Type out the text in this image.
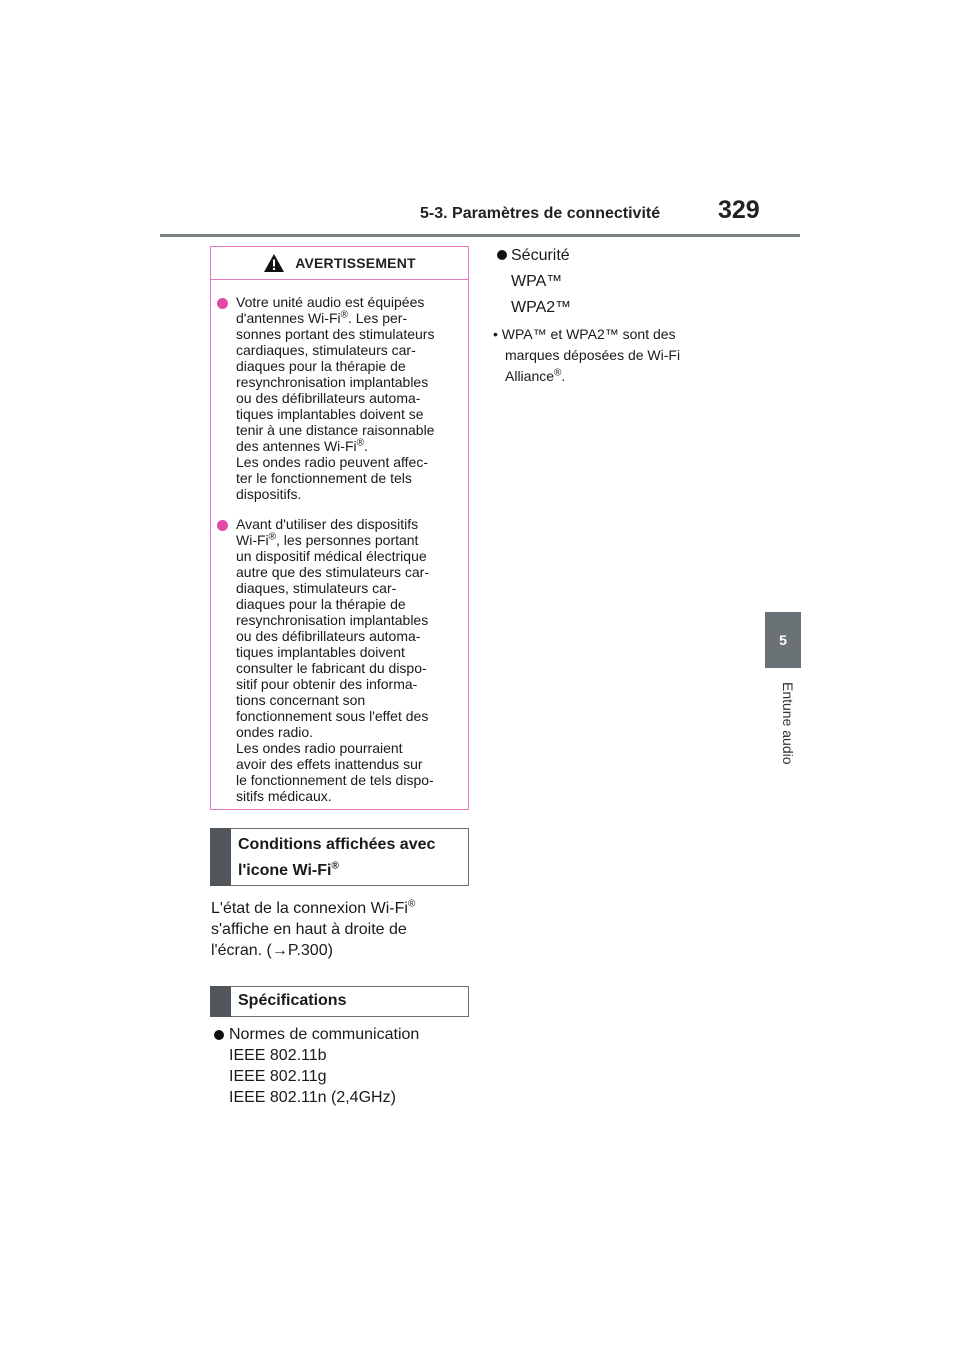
5-3. Paramètres de connectivité 329
5
Entune audio
AVERTISSEMENT
Votre unité audio est équipées
d'antennes Wi-Fi®. Les per-
sonnes portant des stimulateurs
cardiaques, stimulateurs car-
diaques pour la thérapie de
resynchronisation implantables
ou des défibrillateurs automa-
tiques implantables doivent se
tenir à une distance raisonnable
des antennes Wi-Fi®.
Les ondes radio peuvent affec-
ter le fonctionnement de tels
dispositifs.
Avant d'utiliser des dispositifs
Wi-Fi®, les personnes portant
un dispositif médical électrique
autre que des stimulateurs car-
diaques, stimulateurs car-
diaques pour la thérapie de
resynchronisation implantables
ou des défibrillateurs automa-
tiques implantables doivent
consulter le fabricant du dispo-
sitif pour obtenir des informa-
tions concernant son
fonctionnement sous l'effet des
ondes radio.
Les ondes radio pourraient
avoir des effets inattendus sur
le fonctionnement de tels dispo-
sitifs médicaux.
Conditions affichées avec
l'icone Wi-Fi®
L'état de la connexion Wi-Fi®
s'affiche en haut à droite de
l'écran. (→P.300)
Spécifications
Normes de communication
IEEE 802.11b
IEEE 802.11g
IEEE 802.11n (2,4GHz)
Sécurité
WPA™
WPA2™
• WPA™ et WPA2™ sont des
marques déposées de Wi-Fi
Alliance®.
